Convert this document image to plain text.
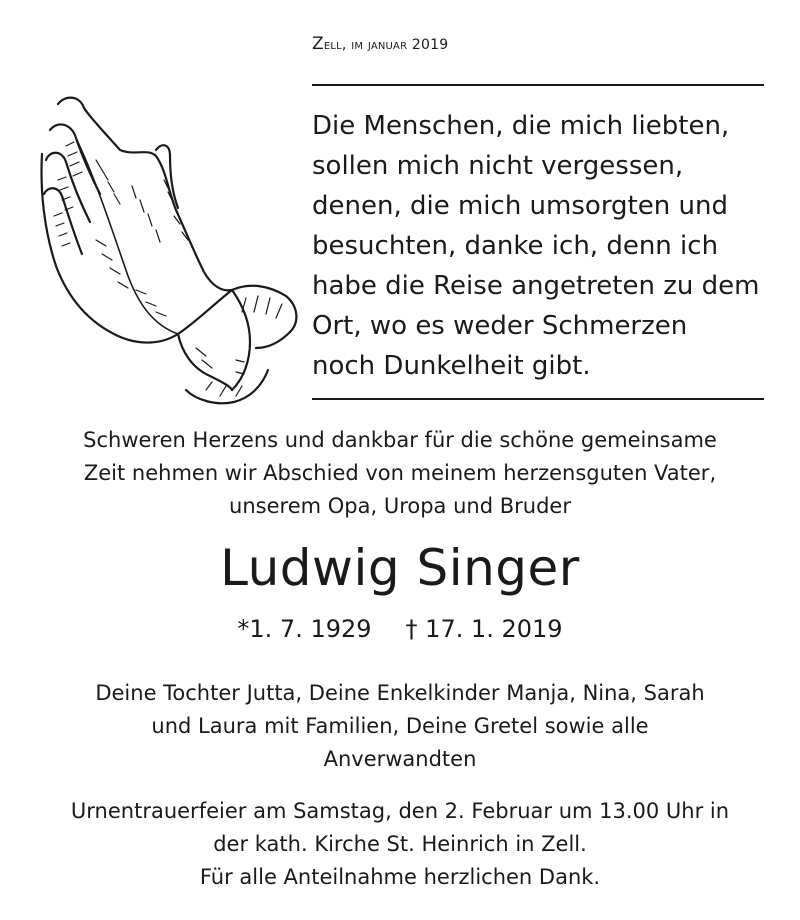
Zell, im januar 2019
Die Menschen, die mich liebten,
sollen mich nicht vergessen,
denen, die mich umsorgten und
besuchten, danke ich, denn ich
habe die Reise angetreten zu dem
Ort, wo es weder Schmerzen
noch Dunkelheit gibt.
Schweren Herzens und dankbar für die schöne gemeinsame
Zeit nehmen wir Abschied von meinem herzensguten Vater,
unserem Opa, Uropa und Bruder
Ludwig Singer
*1. 7. 1929 † 17. 1. 2019
Deine Tochter Jutta, Deine Enkelkinder Manja, Nina, Sarah
und Laura mit Familien, Deine Gretel sowie alle
Anverwandten
Urnentrauerfeier am Samstag, den 2. Februar um 13.00 Uhr in
der kath. Kirche St. Heinrich in Zell.
Für alle Anteilnahme herzlichen Dank.
